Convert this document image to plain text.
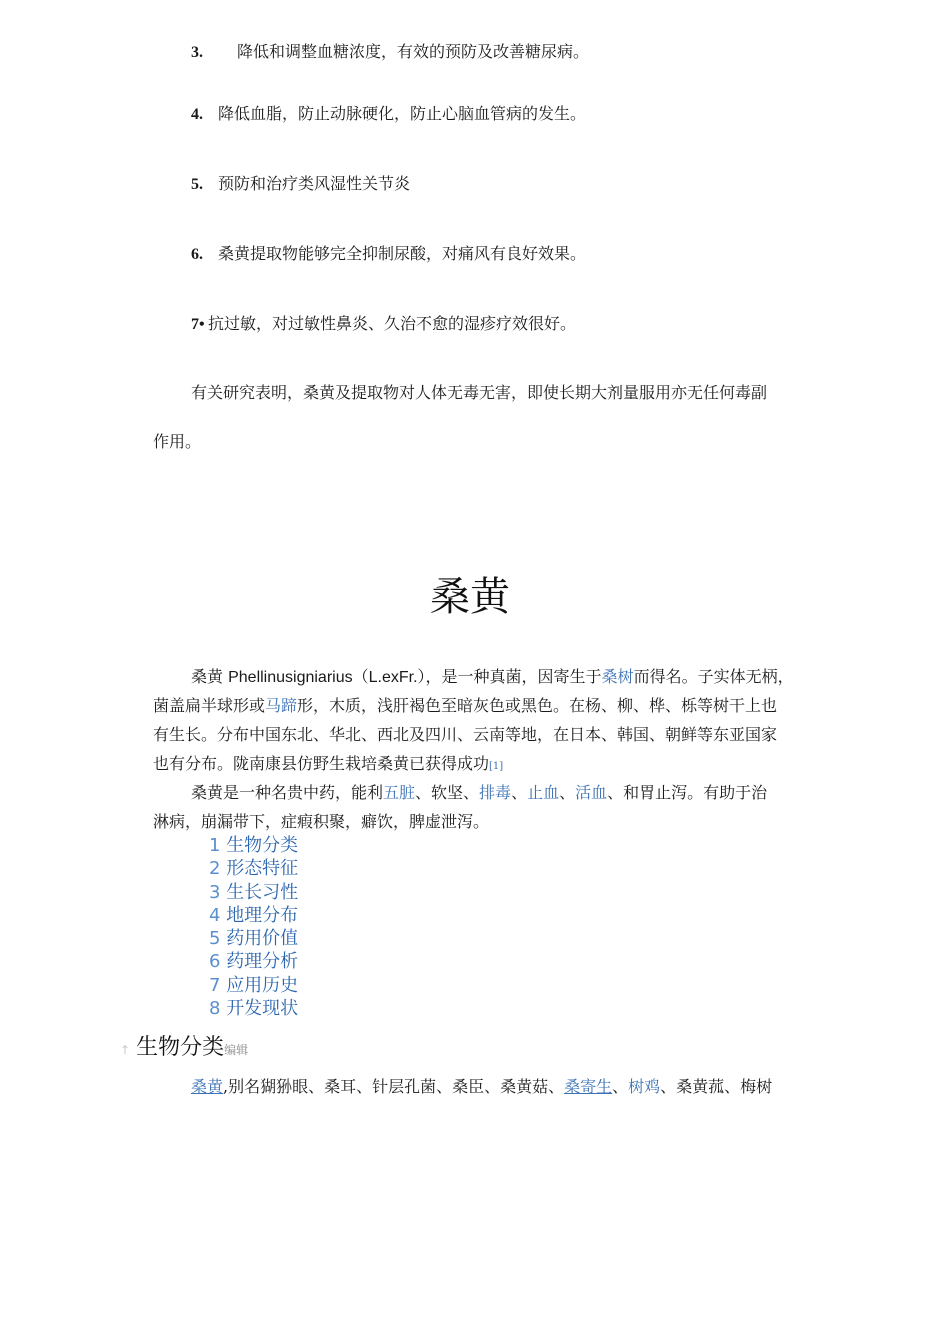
3. 降低和调整血糖浓度，有效的预防及改善糖尿病。
4. 降低血脂，防止动脉硬化，防止心脑血管病的发生。
5. 预防和治疗类风湿性关节炎
6. 桑黄提取物能够完全抑制尿酸，对痛风有良好效果。
7• 抗过敏，对过敏性鼻炎、久治不愈的湿疹疗效很好。
有关研究表明，桑黄及提取物对人体无毒无害，即使长期大剂量服用亦无任何毒副
作用。
桑黄
桑黄 Phellinusigniarius（L.exFr.），是一种真菌，因寄生于桑树而得名。子实体无柄，
菌盖扁半球形或马蹄形，木质，浅肝褐色至暗灰色或黑色。在杨、柳、桦、栎等树干上也
有生长。分布中国东北、华北、西北及四川、云南等地，在日本、韩国、朝鲜等东亚国家
也有分布。陇南康县仿野生栽培桑黄已获得成功[1]
桑黄是一种名贵中药，能利五脏、软坚、排毒、止血、活血、和胃止泻。有助于治
淋病，崩漏带下，症瘕积聚，癖饮，脾虚泄泻。
1 生物分类
2 形态特征
3 生长习性
4 地理分布
5 药用价值
6 药理分析
7 应用历史
8 开发现状
↑ 生物分类编辑
桑黄,别名猢狲眼、桑耳、针层孔菌、桑臣、桑黄菇、桑寄生、树鸡、桑黄菰、梅树
